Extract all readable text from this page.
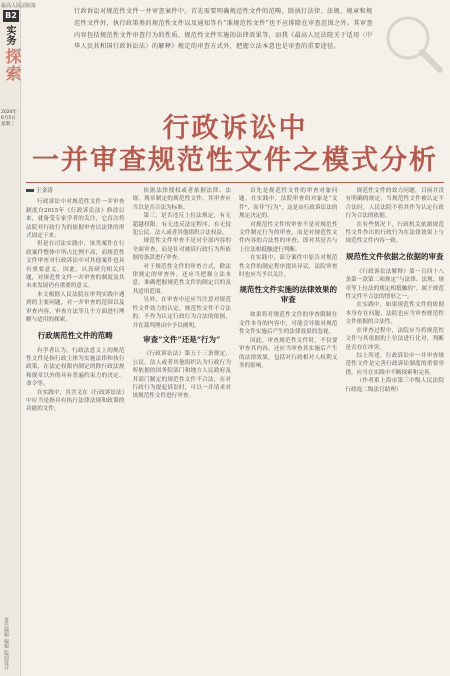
最高人民法院报
B2
实务
探索
2024年
6月5日
星期三
责任编辑 编辑 版面设计
行政诉讼对规范性文件一并审查案件中，首先需要明确规范性文件的范畴，除执行法律、法规、规章和规范性文件外，执行政策类的规范性文件以及通知等有“准规范性文件”也不应排除在审查范围之外。其审查内容包括规范性文件审查行为的性质、规范性文件实施的法律效果等，而我《最高人民法院关于适用〈中华人民共和国行政诉讼法〉的解释》规定的审查方式外，把握立法本意也是审查的重要途径。
行政诉讼中
一并审查规范性文件之模式分析
王金涛

行政诉讼中对规范性文件一并审查制度自2015年《行政诉讼法》修改以来，就备受专家学者的关注，它首次将法院对行政行为的依据审查以法律的形式固定下来。

但是在司法实践中，该类案件在行政案件整体中所占比例不高，而规范性文件审查对行政诉讼中对其他案件也具有重要意义。因此，认真研究相关问题，对规范性文件一并审查的制度及其未来发展仍有重要的意义。

本文根据人民法院在审判实践中遇到的主要问题，对一并审查的范围以及审查内容、审查方法等几个方面进行理解与适用的探索。

行政规范性文件的范畴

有学者认为，行政法意义上的规范性文件是指行政主体为实施法律和执行政策，在法定权限内制定的除行政法规和规章以外的具有普遍约束力的决定、命令等。

在实践中，其含义在《行政诉讼法》中应当是指具有执行法律法规和政策的功能的文件。

依据法律授权或者依据法律、法规、规章制定的规范性文件，其审查应当以是否合法为标准。

第三，是否违反上位法规定，有无超越权限，有无违反法定程序，有无侵犯公民、法人或者其他组织合法权益。

规范性文件审查不是对全部内容的全面审查，而是针对被诉行政行为所依据的条款进行审查。

对于规范性文件的审查方式，除法律规定的审查外，还应当把握立法本意，准确把握规范性文件的制定目的及其适用范围。

另外，在审查中还应当注意对规范性文件效力的认定，规范性文件不合法的，不作为认定行政行为合法的依据，并在裁判理由中予以阐明。

审查“文件”还是“行为”

《行政诉讼法》第五十三条规定，公民、法人或者其他组织认为行政行为所依据的国务院部门和地方人民政府及其部门制定的规范性文件不合法，在对行政行为提起诉讼时，可以一并请求对该规范性文件进行审查。

首先是规范性文件的审查对象问题。在实践中，法院审查的对象是“文件”，而非“行为”，这是由行政诉讼法的规定决定的。

对规范性文件的审查不是对规范性文件制定行为的审查，而是对规范性文件内容的合法性的审查，即对其是否与上位法相抵触进行判断。

在实践中，部分案件中原告对规范性文件的制定程序提出异议，法院审查时也应当予以关注。

规范性文件实施的法律效果的审查

如果将对规范性文件的审查限制在文件本身的内容中，可能会导致对规范性文件实施后产生的法律效果的忽视。

因此，审查规范性文件时，不仅要审查其内容，还应当审查其实施后产生的法律效果，包括对行政相对人权利义务的影响。

规范性文件的效力问题，目前并没有明确的规定。当规范性文件被认定不合法时，人民法院不将其作为认定行政行为合法的依据。

在有些情况下，行政机关依据规范性文件作出的行政行为在法律效果上与规范性文件内容一致。

规范性文件依据之依据的审查

《行政诉讼法解释》第一百四十八条第一款第二项规定“与法律、法规、规章等上位法的规定相抵触的”，属于规范性文件不合法的情形之一。

在实践中，如果规范性文件的依据本身存在问题，法院也应当审查规范性文件依据的合法性。

在审查过程中，法院应当将规范性文件与其依据的上位法进行比对，判断是否存在冲突。

综上所述，行政诉讼中一并审查规范性文件是完善行政诉讼制度的重要举措，应当在实践中不断探索和完善。

（作者系上海市第三中级人民法院行政庭二级法官助理）
